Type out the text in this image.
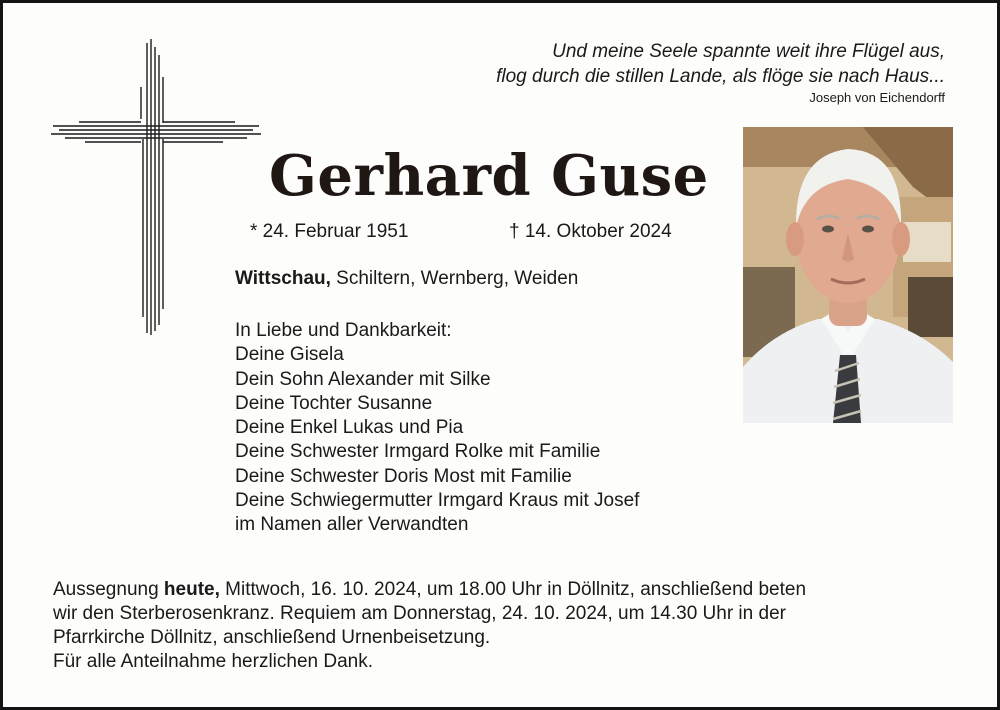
Und meine Seele spannte weit ihre Flügel aus,
flog durch die stillen Lande, als flöge sie nach Haus...
Joseph von Eichendorff
Gerhard Guse
* 24. Februar 1951	† 14. Oktober 2024
Wittschau, Schiltern, Wernberg, Weiden
In Liebe und Dankbarkeit:
Deine Gisela
Dein Sohn Alexander mit Silke
Deine Tochter Susanne
Deine Enkel Lukas und Pia
Deine Schwester Irmgard Rolke mit Familie
Deine Schwester Doris Most mit Familie
Deine Schwiegermutter Irmgard Kraus mit Josef
im Namen aller Verwandten
Aussegnung heute, Mittwoch, 16. 10. 2024, um 18.00 Uhr in Döllnitz, anschließend beten
wir den Sterberosenkranz. Requiem am Donnerstag, 24. 10. 2024, um 14.30 Uhr in der
Pfarrkirche Döllnitz, anschließend Urnenbeisetzung.
Für alle Anteilnahme herzlichen Dank.
